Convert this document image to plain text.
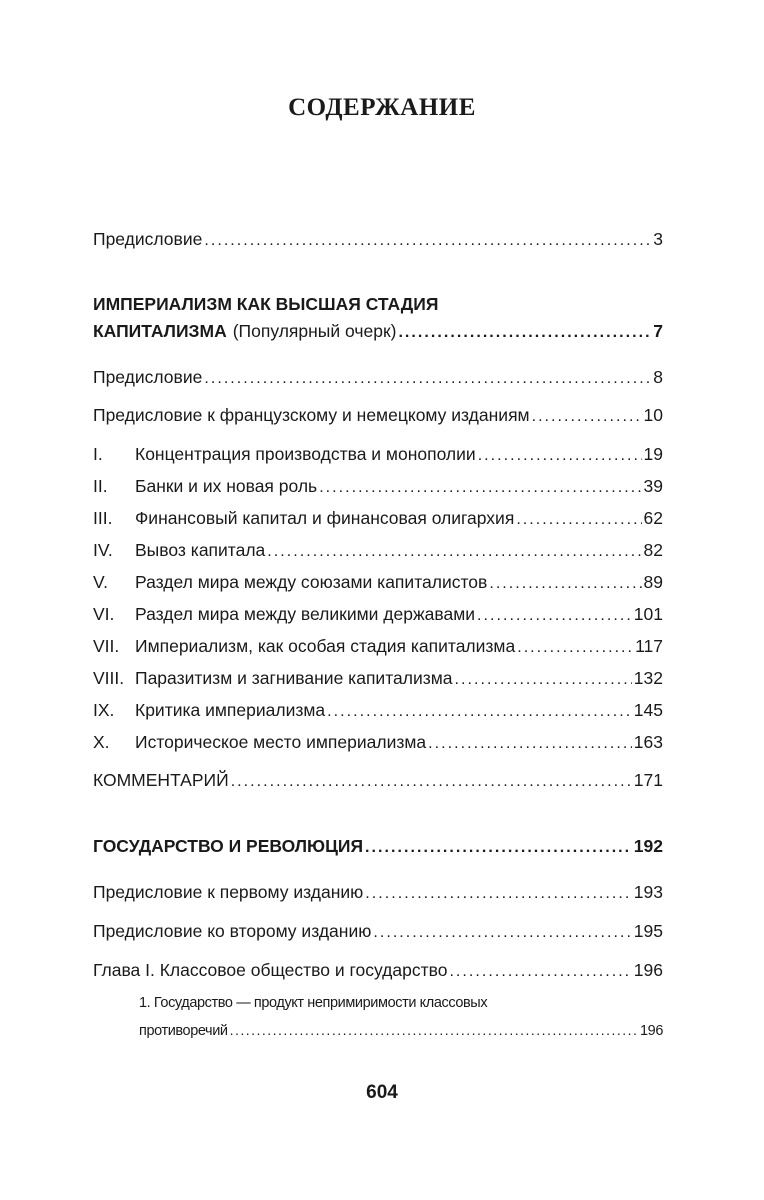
СОДЕРЖАНИЕ
Предисловие . . .	3
ИМПЕРИАЛИЗМ КАК ВЫСШАЯ СТАДИЯ
КАПИТАЛИЗМА (Популярный очерк) . . .	7
Предисловие . . .	8
Предисловие к французскому и немецкому изданиям . . .	10
I.	Концентрация производства и монополии . . .	19
II.	Банки и их новая роль . . .	39
III.	Финансовый капитал и финансовая олигархия . . .	62
IV.	Вывоз капитала . . .	82
V.	Раздел мира между союзами капиталистов . . .	89
VI.	Раздел мира между великими державами . . .	101
VII. Империализм, как особая стадия капитализма . . .	117
VIII. Паразитизм и загнивание капитализма . . .	132
IX.	Критика империализма . . .	145
X.	Историческое место империализма . . .	163
КОММЕНТАРИЙ . . .	171
ГОСУДАРСТВО И РЕВОЛЮЦИЯ . . .	192
Предисловие к первому изданию . . .	193
Предисловие ко второму изданию . . .	195
Глава I. Классовое общество и государство . . .	196
1. Государство — продукт непримиримости классовых
противоречий . . .	196
604
